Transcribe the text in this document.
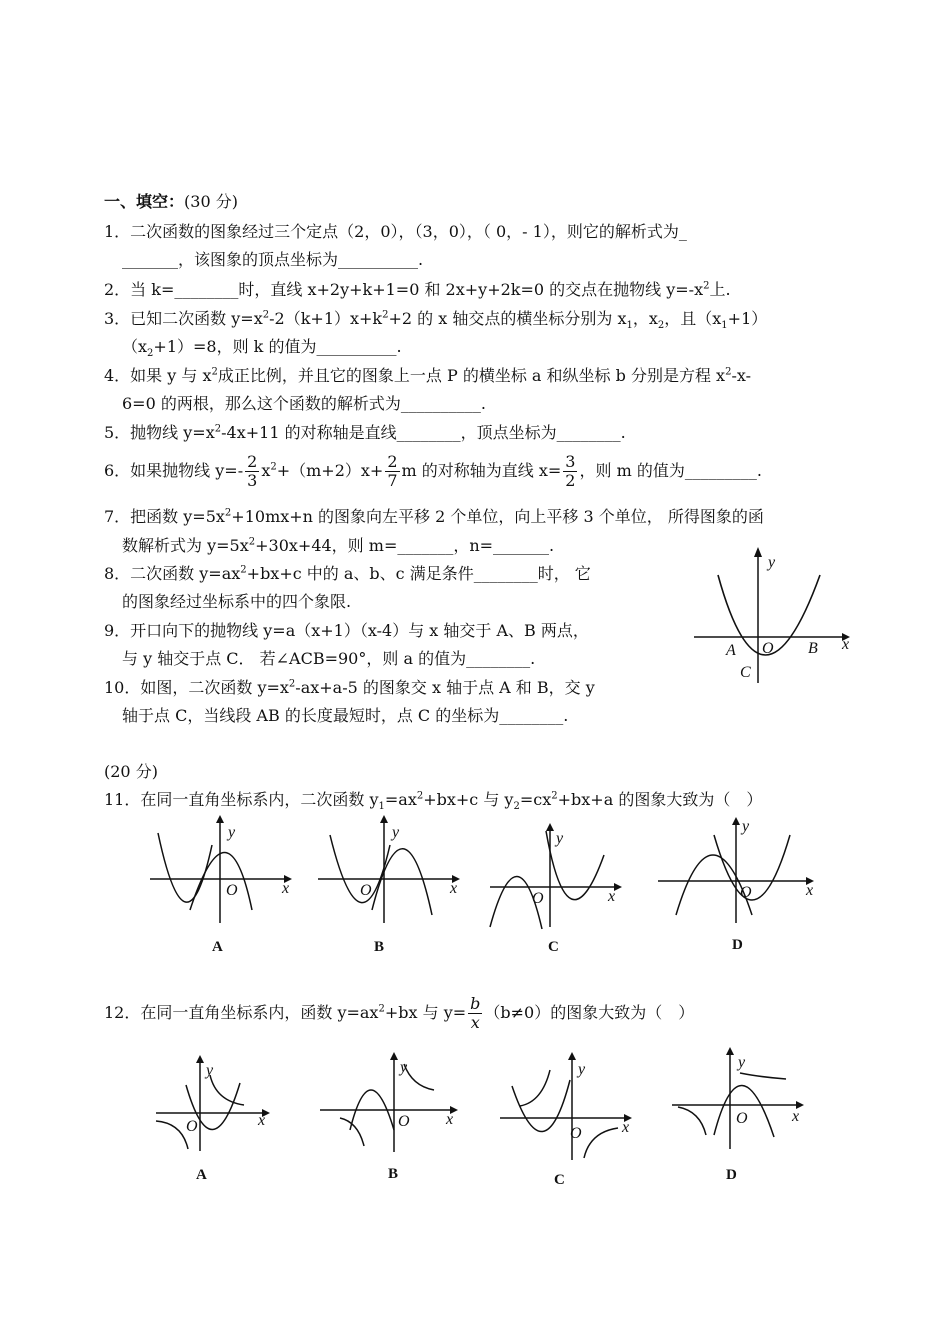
一、填空：(30 分)
1．二次函数的图象经过三个定点（2，0），（3，0），（ 0，- 1），则它的解析式为_
_______，该图象的顶点坐标为__________.
2．当 k=________时，直线 x+2y+k+1=0 和 2x+y+2k=0 的交点在抛物线 $y=-x^2$上.
3．已知二次函数 $y=x^2-2(k+1)x+k^2+2$ 的 x 轴交点的横坐标分别为 $x_1$，$x_2$，且$(x_1+1)$
$(x_2+1)=8$，则 k 的值为__________.
4．如果 y 与 $x^2$成正比例，并且它的图象上一点 P 的横坐标 a 和纵坐标 b 分别是方程 $x^2-x-$
6=0 的两根，那么这个函数的解析式为__________.
5．抛物线 $y=x^2-4x+11$ 的对称轴是直线________，顶点坐标为________.
6．如果抛物线 $y=- \frac{2}{3} x^2+(m+2)x+ \frac{2}{7}$ m 的对称轴为直线 $x= \frac{3}{2}$ ，则 m 的值为_________.
7．把函数 $y=5x^2+10mx+n$ 的图象向左平移 2 个单位，向上平移 3 个单位， 所得图象的函
数解析式为 $y=5x^2+30x+44$，则 m=_______，n=_______.
8．二次函数 $y=ax^2+bx+c$ 中的 a、b、c 满足条件________时， 它
的图象经过坐标系中的四个象限.
9．开口向下的抛物线 y=a（x+1）（x-4）与 x 轴交于 A、B 两点，
与 y 轴交于点 C． 若∠ACB=90°，则 a 的值为________.
10．如图，二次函数 $y=x^2-ax+a-5$ 的图象交 x 轴于点 A 和 B，交 y
轴于点 C，当线段 AB 的长度最短时，点 C 的坐标为________.
y
x
A O B
C
(20 分)
11．在同一直角坐标系内，二次函数 $y_1=ax^2+bx+c$ 与 $y_2=cx^2+bx+a$ 的图象大致为（　）
y
x
O
A
y
x
O
B
y
x
O
C
y
x
O
D
12．在同一直角坐标系内，函数 $y=ax^2+bx$ 与 $y= \frac{b}{x} (b\ne 0)$的图象大致为（　）
y
x
O
A
y
x
O
B
y
x
O
C
y
x
O
D
